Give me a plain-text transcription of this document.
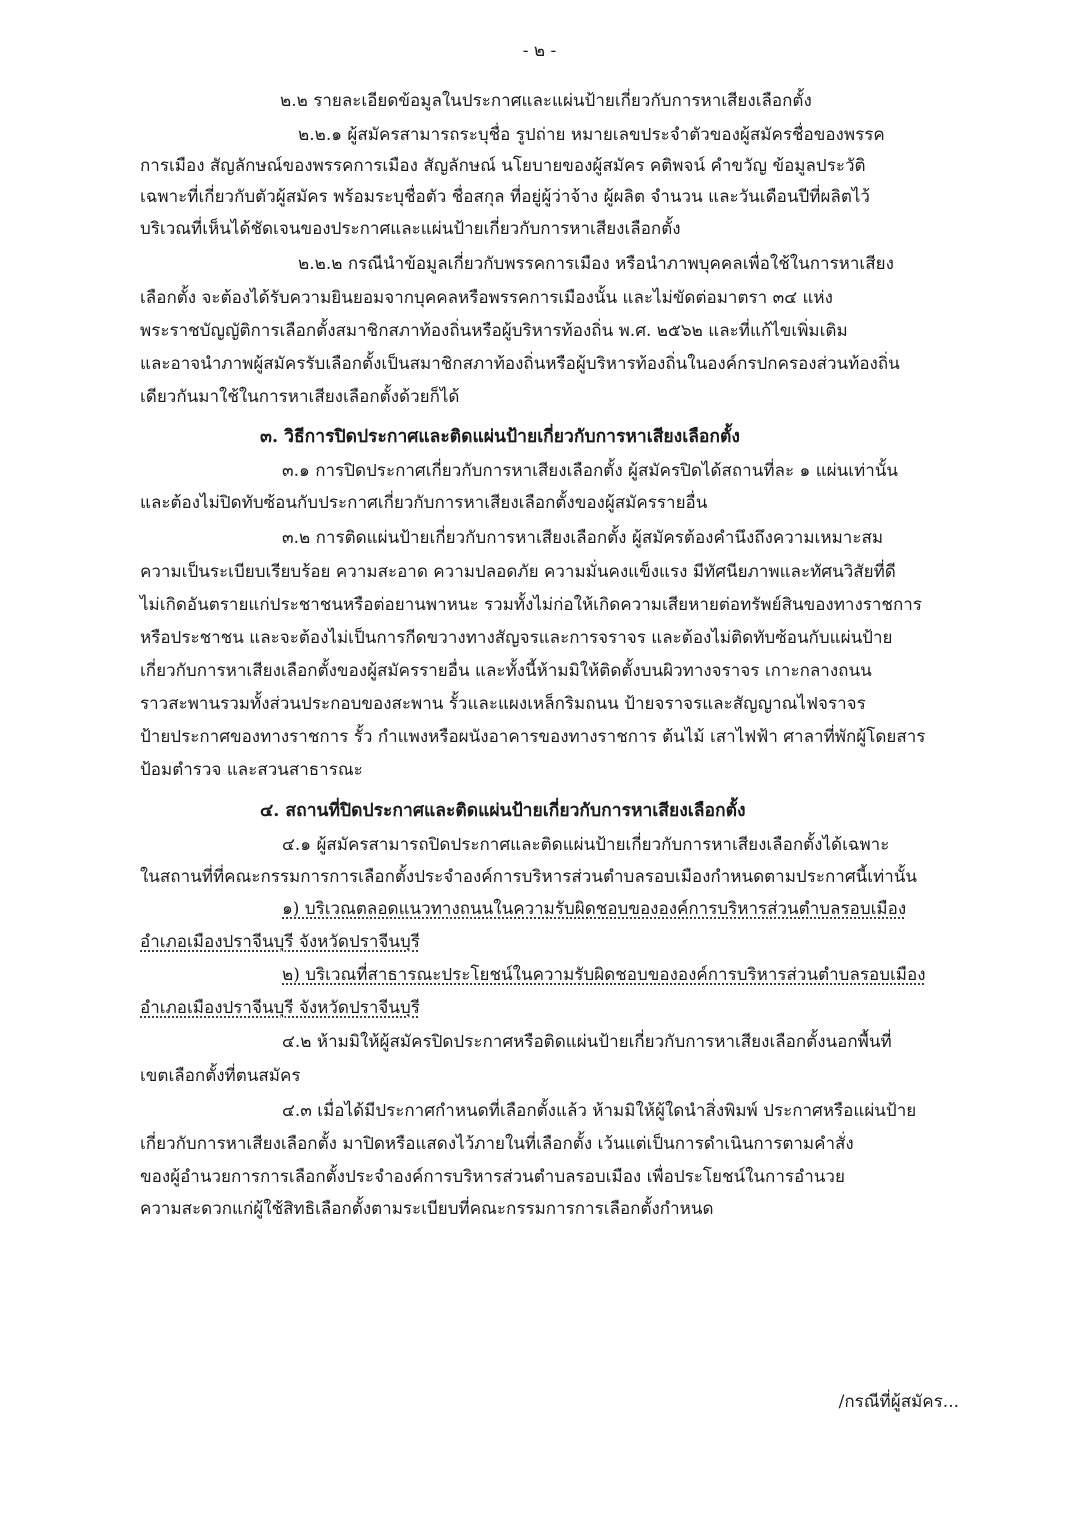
- ๒ -
๒.๒ รายละเอียดข้อมูลในประกาศและแผ่นป้ายเกี่ยวกับการหาเสียงเลือกตั้ง
๒.๒.๑ ผู้สมัครสามารถระบุชื่อ รูปถ่าย หมายเลขประจำตัวของผู้สมัครชื่อของพรรค
การเมือง สัญลักษณ์ของพรรคการเมือง สัญลักษณ์ นโยบายของผู้สมัคร คติพจน์ คำขวัญ ข้อมูลประวัติ
เฉพาะที่เกี่ยวกับตัวผู้สมัคร พร้อมระบุชื่อตัว ชื่อสกุล ที่อยู่ผู้ว่าจ้าง ผู้ผลิต จำนวน และวันเดือนปีที่ผลิตไว้
บริเวณที่เห็นได้ชัดเจนของประกาศและแผ่นป้ายเกี่ยวกับการหาเสียงเลือกตั้ง
๒.๒.๒ กรณีนำข้อมูลเกี่ยวกับพรรคการเมือง หรือนำภาพบุคคลเพื่อใช้ในการหาเสียง
เลือกตั้ง จะต้องได้รับความยินยอมจากบุคคลหรือพรรคการเมืองนั้น และไม่ขัดต่อมาตรา ๓๔ แห่ง
พระราชบัญญัติการเลือกตั้งสมาชิกสภาท้องถิ่นหรือผู้บริหารท้องถิ่น พ.ศ. ๒๕๖๒ และที่แก้ไขเพิ่มเติม
และอาจนำภาพผู้สมัครรับเลือกตั้งเป็นสมาชิกสภาท้องถิ่นหรือผู้บริหารท้องถิ่นในองค์กรปกครองส่วนท้องถิ่น
เดียวกันมาใช้ในการหาเสียงเลือกตั้งด้วยก็ได้
๓. วิธีการปิดประกาศและติดแผ่นป้ายเกี่ยวกับการหาเสียงเลือกตั้ง
๓.๑ การปิดประกาศเกี่ยวกับการหาเสียงเลือกตั้ง ผู้สมัครปิดได้สถานที่ละ ๑ แผ่นเท่านั้น
และต้องไม่ปิดทับซ้อนกับประกาศเกี่ยวกับการหาเสียงเลือกตั้งของผู้สมัครรายอื่น
๓.๒ การติดแผ่นป้ายเกี่ยวกับการหาเสียงเลือกตั้ง ผู้สมัครต้องคำนึงถึงความเหมาะสม
ความเป็นระเบียบเรียบร้อย ความสะอาด ความปลอดภัย ความมั่นคงแข็งแรง มีทัศนียภาพและทัศนวิสัยที่ดี
ไม่เกิดอันตรายแก่ประชาชนหรือต่อยานพาหนะ รวมทั้งไม่ก่อให้เกิดความเสียหายต่อทรัพย์สินของทางราชการ
หรือประชาชน และจะต้องไม่เป็นการกีดขวางทางสัญจรและการจราจร และต้องไม่ติดทับซ้อนกับแผ่นป้าย
เกี่ยวกับการหาเสียงเลือกตั้งของผู้สมัครรายอื่น และทั้งนี้ห้ามมิให้ติดตั้งบนผิวทางจราจร เกาะกลางถนน
ราวสะพานรวมทั้งส่วนประกอบของสะพาน รั้วและแผงเหล็กริมถนน ป้ายจราจรและสัญญาณไฟจราจร
ป้ายประกาศของทางราชการ รั้ว กำแพงหรือผนังอาคารของทางราชการ ต้นไม้ เสาไฟฟ้า ศาลาที่พักผู้โดยสาร
ป้อมตำรวจ และสวนสาธารณะ
๔. สถานที่ปิดประกาศและติดแผ่นป้ายเกี่ยวกับการหาเสียงเลือกตั้ง
๔.๑ ผู้สมัครสามารถปิดประกาศและติดแผ่นป้ายเกี่ยวกับการหาเสียงเลือกตั้งได้เฉพาะ
ในสถานที่ที่คณะกรรมการการเลือกตั้งประจำองค์การบริหารส่วนตำบลรอบเมืองกำหนดตามประกาศนี้เท่านั้น
๑) บริเวณตลอดแนวทางถนนในความรับผิดชอบขององค์การบริหารส่วนตำบลรอบเมือง
อำเภอเมืองปราจีนบุรี จังหวัดปราจีนบุรี
๒) บริเวณที่สาธารณะประโยชน์ในความรับผิดชอบขององค์การบริหารส่วนตำบลรอบเมือง
อำเภอเมืองปราจีนบุรี จังหวัดปราจีนบุรี
๔.๒ ห้ามมิให้ผู้สมัครปิดประกาศหรือติดแผ่นป้ายเกี่ยวกับการหาเสียงเลือกตั้งนอกพื้นที่
เขตเลือกตั้งที่ตนสมัคร
๔.๓ เมื่อได้มีประกาศกำหนดที่เลือกตั้งแล้ว ห้ามมิให้ผู้ใดนำสิ่งพิมพ์ ประกาศหรือแผ่นป้าย
เกี่ยวกับการหาเสียงเลือกตั้ง มาปิดหรือแสดงไว้ภายในที่เลือกตั้ง เว้นแต่เป็นการดำเนินการตามคำสั่ง
ของผู้อำนวยการการเลือกตั้งประจำองค์การบริหารส่วนตำบลรอบเมือง เพื่อประโยชน์ในการอำนวย
ความสะดวกแก่ผู้ใช้สิทธิเลือกตั้งตามระเบียบที่คณะกรรมการการเลือกตั้งกำหนด
/กรณีที่ผู้สมัคร...
